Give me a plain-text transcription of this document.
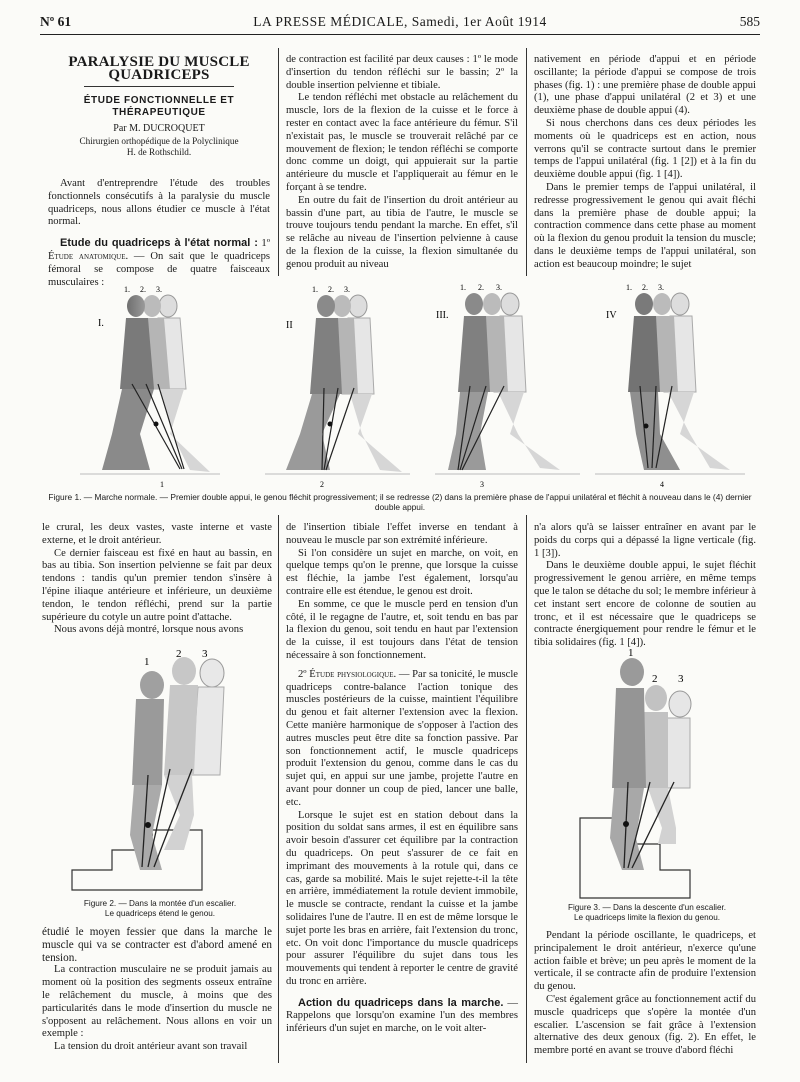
Nº 61	LA PRESSE MÉDICALE, Samedi, 1er Août 1914	585
PARALYSIE DU MUSCLE QUADRICEPS
ÉTUDE FONCTIONNELLE ET THÉRAPEUTIQUE
Par M. DUCROQUET
Chirurgien orthopédique de la Polyclinique
H. de Rothschild.

Avant d'entreprendre l'étude des troubles fonctionnels consécutifs à la paralysie du muscle quadriceps, nous allons étudier ce muscle à l'état normal.

Etude du quadriceps à l'état normal : 1º Étude anatomique. — On sait que le quadriceps fémoral se compose de quatre faisceaux musculaires :

de contraction est facilité par deux causes : 1º le mode d'insertion du tendon réfléchi sur le bassin; 2º la double insertion pelvienne et tibiale.

Le tendon réfléchi met obstacle au relâchement du muscle, lors de la flexion de la cuisse et le force à rester en contact avec la face antérieure du fémur. S'il n'existait pas, le muscle se trouverait relâché par ce mouvement de flexion; le tendon réfléchi se comporte donc comme un doigt, qui appuierait sur la partie antérieure du muscle et l'appliquerait au fémur en le forçant à se tendre.

En outre du fait de l'insertion du droit antérieur au bassin d'une part, au tibia de l'autre, le muscle se trouve toujours tendu pendant la marche. En effet, s'il se relâche au niveau de l'insertion pelvienne à cause de la flexion de la cuisse, la flexion simultanée du genou produit au niveau

nativement en période d'appui et en période oscillante; la période d'appui se compose de trois phases (fig. 1) : une première phase de double appui (1), une phase d'appui unilatéral (2 et 3) et une deuxième phase de double appui (4).

Si nous cherchons dans ces deux périodes les moments où le quadriceps est en action, nous verrons qu'il se contracte surtout dans le premier temps de l'appui unilatéral (fig. 1 [2]) et à la fin du deuxième double appui (fig. 1 [4]).

Dans le premier temps de l'appui unilatéral, il redresse progressivement le genou qui avait fléchi dans la première phase de double appui; la contraction commence dans cette phase au moment où la flexion du genou produit la tension du muscle; dans le deuxième temps de l'appui unilatéral, son action est beaucoup moindre; le sujet

I.	II
III.	IV
1. 2. 3.	1. 2. 3.	1. 2. 3.	1. 2. 3.
1	2	3	4
Figure 1. — Marche normale. — Premier double appui, le genou fléchit progressivement; il se redresse (2) dans la première phase de l'appui unilatéral et fléchit à nouveau dans le (4) dernier double appui.

le crural, les deux vastes, vaste interne et vaste externe, et le droit antérieur.

Ce dernier faisceau est fixé en haut au bassin, en bas au tibia. Son insertion pelvienne se fait par deux tendons : tandis qu'un premier tendon s'insère à l'épine iliaque antérieure et inférieure, un deuxième tendon, le tendon réfléchi, prend sur la partie supérieure du cotyle un autre point d'attache.

Nous avons déjà montré, lorsque nous avons

1
2 3
Figure 2. — Dans la montée d'un escalier.
Le quadriceps étend le genou.

étudié le moyen fessier que dans la marche le muscle qui va se contracter est d'abord amené en tension.

La contraction musculaire ne se produit jamais au moment où la position des segments osseux entraîne le relâchement du muscle, à moins que des particularités dans le mode d'insertion du muscle ne s'opposent au relâchement. Nous allons en voir un exemple :

La tension du droit antérieur avant son travail

de l'insertion tibiale l'effet inverse en tendant à nouveau le muscle par son extrémité inférieure.

Si l'on considère un sujet en marche, on voit, en quelque temps qu'on le prenne, que lorsque la cuisse est fléchie, la jambe l'est également, lorsqu'au contraire elle est étendue, le genou est droit.

En somme, ce que le muscle perd en tension d'un côté, il le regagne de l'autre, et, soit tendu en bas par la flexion du genou, soit tendu en haut par l'extension de la cuisse, il est toujours dans l'état de tension nécessaire à son fonctionnement.

2º Étude physiologique. — Par sa tonicité, le muscle quadriceps contre-balance l'action tonique des muscles postérieurs de la cuisse, maintient l'équilibre du genou et fait alterner l'extension avec la flexion. Cette manière harmonique de s'opposer à l'action des autres muscles peut être dite sa fonction passive. Par son fonctionnement actif, le muscle quadriceps produit l'extension du genou, comme dans le cas du sujet qui, en appui sur une jambe, projette l'autre en avant pour donner un coup de pied, lancer une balle, etc.

Lorsque le sujet est en station debout dans la position du soldat sans armes, il est en équilibre sans avoir besoin d'assurer cet équilibre par la contraction du quadriceps. On peut s'assurer de ce fait en imprimant des mouvements à la rotule qui, dans ce cas, garde sa mobilité. Mais le sujet rejette-t-il la tête en arrière, immédiatement la rotule devient immobile, le muscle se contracte, rendant la cuisse et la jambe solidaires l'une de l'autre. Il en est de même lorsque le sujet porte les bras en arrière, fait l'extension du tronc, etc. On voit donc l'importance du muscle quadriceps pour assurer l'équilibre du sujet dans tous les mouvements qui tendent à reporter le centre de gravité du tronc en arrière.

Action du quadriceps dans la marche. — Rappelons que lorsqu'on examine l'un des membres inférieurs d'un sujet en marche, on le voit alter-

n'a alors qu'à se laisser entraîner en avant par le poids du corps qui a dépassé la ligne verticale (fig. 1 [3]).

Dans le deuxième double appui, le sujet fléchit progressivement le genou arrière, en même temps que le talon se détache du sol; le membre inférieur à cet instant sert encore de colonne de soutien au tronc, et il est nécessaire que le quadriceps se contracte énergiquement pour rendre le fémur et le tibia solidaires (fig. 1 [4]).

1
2 3
Figure 3. — Dans la descente d'un escalier.
Le quadriceps limite la flexion du genou.

Pendant la période oscillante, le quadriceps, et principalement le droit antérieur, n'exerce qu'une action faible et brève; un peu après le moment de la verticale, il se contracte afin de produire l'extension du genou.

C'est également grâce au fonctionnement actif du muscle quadriceps que s'opère la montée d'un escalier. L'ascension se fait grâce à l'extension alternative des deux genoux (fig. 2). En effet, le membre porté en avant se trouve d'abord fléchi
